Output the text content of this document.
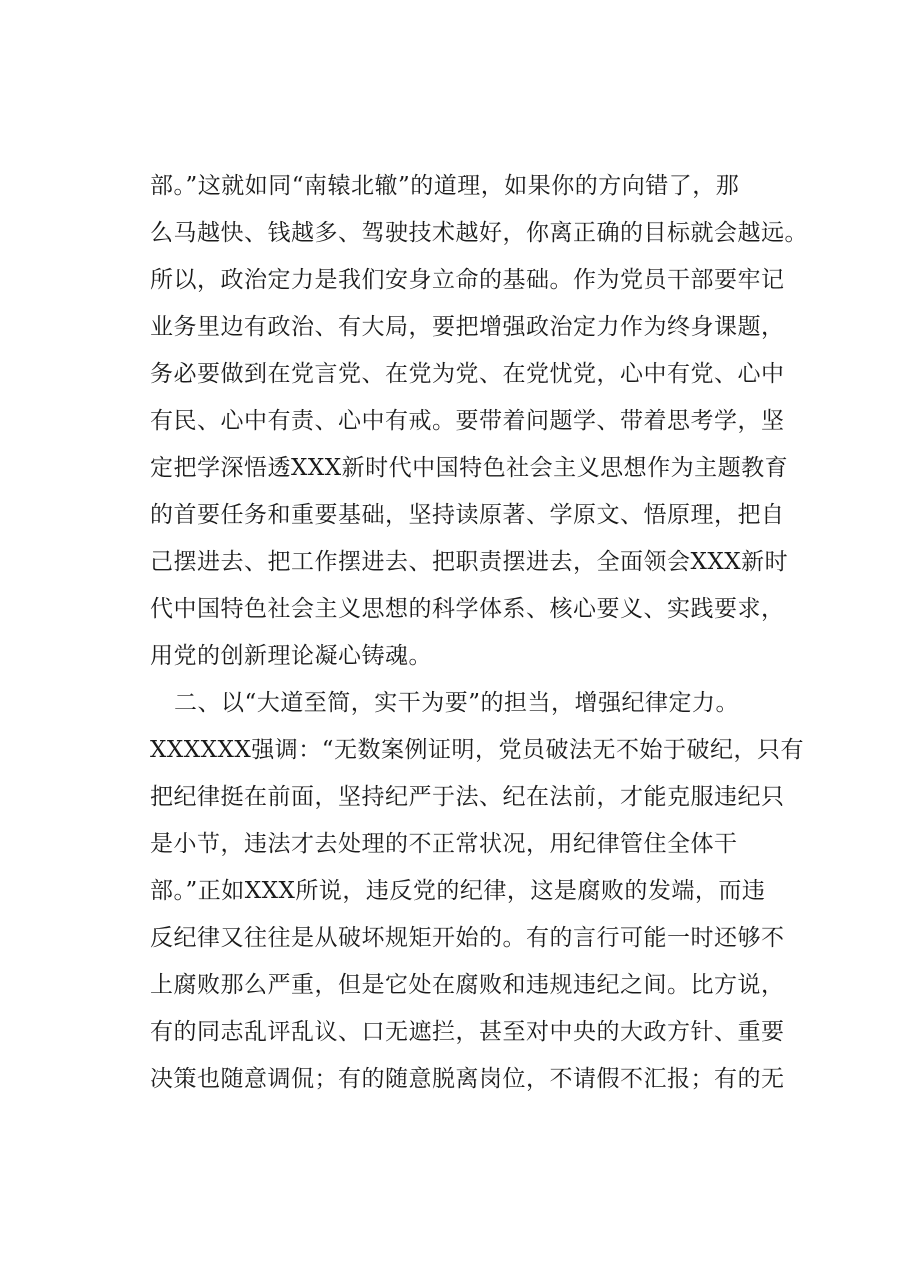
部。”这就如同“南辕北辙”的道理，如果你的方向错了，那
么马越快、钱越多、驾驶技术越好，你离正确的目标就会越远。
所以，政治定力是我们安身立命的基础。作为党员干部要牢记
业务里边有政治、有大局，要把增强政治定力作为终身课题，
务必要做到在党言党、在党为党、在党忧党，心中有党、心中
有民、心中有责、心中有戒。要带着问题学、带着思考学，坚
定把学深悟透XXX新时代中国特色社会主义思想作为主题教育
的首要任务和重要基础，坚持读原著、学原文、悟原理，把自
己摆进去、把工作摆进去、把职责摆进去，全面领会XXX新时
代中国特色社会主义思想的科学体系、核心要义、实践要求，
用党的创新理论凝心铸魂。
二、以“大道至简，实干为要”的担当，增强纪律定力。
XXXXXX强调：“无数案例证明，党员破法无不始于破纪，只有
把纪律挺在前面，坚持纪严于法、纪在法前，才能克服违纪只
是小节，违法才去处理的不正常状况，用纪律管住全体干
部。”正如XXX所说，违反党的纪律，这是腐败的发端，而违
反纪律又往往是从破坏规矩开始的。有的言行可能一时还够不
上腐败那么严重，但是它处在腐败和违规违纪之间。比方说，
有的同志乱评乱议、口无遮拦，甚至对中央的大政方针、重要
决策也随意调侃；有的随意脱离岗位，不请假不汇报；有的无
